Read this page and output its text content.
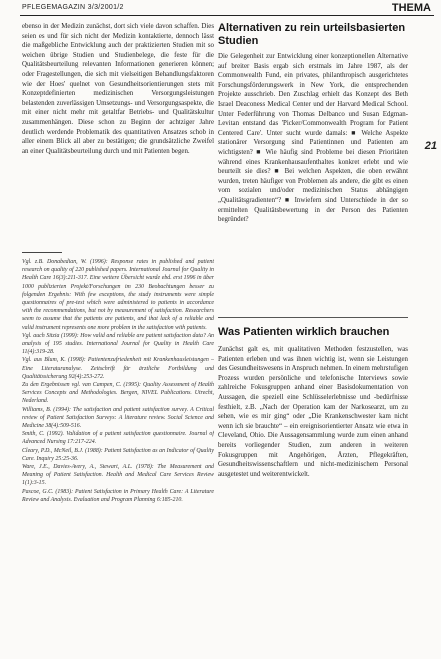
PFLEGEMAGAZIN 3/3/2001/2	THEMA
21

ebenso in der Medizin zunächst, dort sich viele davon schaffen. Dies seien es und für sich nicht der Medizin kontaktierte, dennoch lässt die maßgebliche Entwicklung auch der praktizierten Studien mit so weichen übrige Studien und Studienbelege, die feste für die Qualitätsbeurteilung relevanten Informationen generieren können; oder Fragestellungen, die sich mit vielseitigen Behandlungsfaktoren wie der Hoes' quelnet von Gesundheitsorientierungen stets mit Konzeptdefinierten medizinischen Versorgungsleistungen belastenden zuverlässigen Umsetzungs- und Versorgungsaspekte, die mit einer nicht mehr mit getaltfar Betriebs- und Qualitätskultur zusammenhängen. Diese schon zu Beginn der achtziger Jahre deutlich werdende Problematik des quantitativen Ansatzes schob in aller einem Blick all aber zu bestätigen; die grundsätzliche Zweifel an einer Qualitätsbeurteilung durch und mit Patienten begen.

Vgl. z.B. Donabedian, W. (1996): Response rates in published and patient research on quality of 220 published papers. International Journal for Quality in Health Care 16(3):211-317. Eine weitere Übersicht wurde ebd. erst 1996 in über 1000 publizierten Projekt/Forschungen im 230 Beobachtungen besser zu folgenden Ergebnis: With few exceptions, the study instruments were simple questionnaires of pre-test which were administered to patients in accordance with the recommendations, but not by measurement of satisfaction. Researchers seem to assume that the patients are patients, and that lack of a reliable and valid instrument represents one more problem in the satisfaction with patients.

Vgl. auch Sitzia (1999): How valid and reliable are patient satisfaction data? An analysis of 195 studies. International Journal for Quality in Health Care 11(4):319-28.

Vgl. aus Blum, K. (1998): Patientenzufriedenheit mit Krankenhausleistungen – Eine Literaturanalyse. Zeitschrift für ärztliche Fortbildung und Qualitätssicherung 92(4):253-272.

Zu den Ergebnissen vgl. van Campen, C. (1995): Quality Assessment of Health Services Concepts and Methodologies. Bergen, NIVEL Publications. Utrecht, Nederland.

Williams, B. (1994): The satisfaction and patient satisfaction survey. A Critical review of Patient Satisfaction Surveys: A literature review. Social Science and Medicine 38(4):509-516.

Smith, C. (1992). Validation of a patient satisfaction questionnaire. Journal of Advanced Nursing 17:217-224.

Cleary, P.D., McNeil, B.J. (1988): Patient Satisfaction as an Indicator of Quality Care. Inquiry 25:25-36.

Ware, J.E., Davies-Avery, A., Stewart, A.L. (1978): The Measurement and Meaning of Patient Satisfaction. Health and Medical Care Services Review 1(1):3-15.

Pascoe, G.C. (1983): Patient Satisfaction in Primary Health Care: A Literature Review and Analysis. Evaluation and Program Planning 6:185-210.

Alternativen zu rein urteilsbasierten Studien

Die Gelegenheit zur Entwicklung einer konzeptionellen Alternative auf breiter Basis ergab sich erstmals im Jahre 1987, als der Commonwealth Fund, ein privates, philanthropisch ausgerichtetes Forschungsförderungswerk in New York, die entsprechenden Projekte ausschrieb. Den Zuschlag erhielt das Konzept des Beth Israel Deaconess Medical Center und der Harvard Medical School. Unter Federführung von Thomas Delbanco und Susan Edgman-Levitan entstand das 'Picker/Commonwealth Program for Patient Centered Care'. Unter sucht wurde damals: ■ Welche Aspekte stationärer Versorgung sind Patientinnen und Patienten am wichtigsten? ■ Wie häufig sind Probleme bei diesen Prioritäten während eines Krankenhausaufenthaltes konkret erlebt und wie beurteilt sie dies? ■ Bei welchen Aspekten, die oben erwähnt wurden, treten häufiger von Problemen als andere, die gibt es einen vom sozialen und/oder medizinischen Status abhängigen „Qualitätsgradienten“? ■ Inwiefern sind Unterschiede in der so ermittelten Qualitätsbewertung in der Person des Patienten begründet?

Was Patienten wirklich brauchen

Zunächst galt es, mit qualitativen Methoden festzustellen, was Patienten erleben und was ihnen wichtig ist, wenn sie Leistungen des Gesundheitswesens in Anspruch nehmen. In einem mehrstufigen Prozess wurden persönliche und telefonische Interviews sowie zahlreiche Fokusgruppen anhand einer Basisdokumentation von Aussagen, die speziell eine Schlüsselerlebnisse und -bedürfnisse festhielt, z.B. „Nach der Operation kam der Narkosearzt, um zu sehen, wie es mir ging“ oder „Die Krankenschwester kam nicht wenn ich sie brauchte“ – ein ereignisorientierter Ansatz wie etwa in Cleveland, Ohio. Die Aussagensammlung wurde zum einen anhand bereits vorliegender Studien, zum anderen in weiteren Fokusgruppen mit Angehörigen, Ärzten, Pflegekräften, Gesundheitswissenschaftlern und nicht-medizinischem Personal ausgetestet und weiterentwickelt.
